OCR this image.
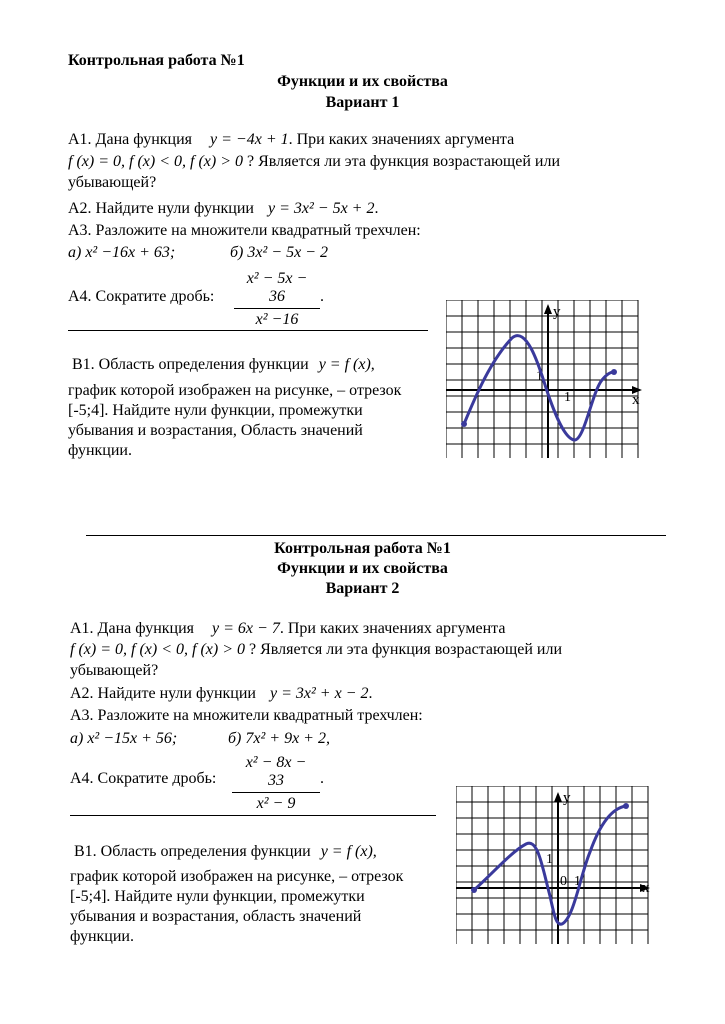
Контрольная работа №1
Функции и их свойства
Вариант 1
А1. Дана функция y = −4x + 1. При каких значениях аргумента
f (x) = 0, f (x) < 0, f (x) > 0 ? Является ли эта функция возрастающей или
убывающей?
А2. Найдите нули функции y = 3x² − 5x + 2.
А3. Разложите на множители квадратный трехчлен:
а) x² −16x + 63;	б) 3x² − 5x − 2
А4. Сократите дробь:
x² − 5x − 36
x² −16
.
В1. Область определения функции y = f (x),
график которой изображен на рисунке, – отрезок
[-5;4]. Найдите нули функции, промежутки
убывания и возрастания, Область значений
функции.
y
x
1
1
Контрольная работа №1
Функции и их свойства
Вариант 2
А1. Дана функция y = 6x − 7. При каких значениях аргумента
f (x) = 0, f (x) < 0, f (x) > 0 ? Является ли эта функция возрастающей или
убывающей?
А2. Найдите нули функции y = 3x² + x − 2.
А3. Разложите на множители квадратный трехчлен:
а) x² −15x + 56;	б) 7x² + 9x + 2,
А4. Сократите дробь:
x² − 8x − 33
x² − 9
.
В1. Область определения функции y = f (x),
график которой изображен на рисунке, – отрезок
[-5;4]. Найдите нули функции, промежутки
убывания и возрастания, область значений
функции.
y
x
0 1
1
